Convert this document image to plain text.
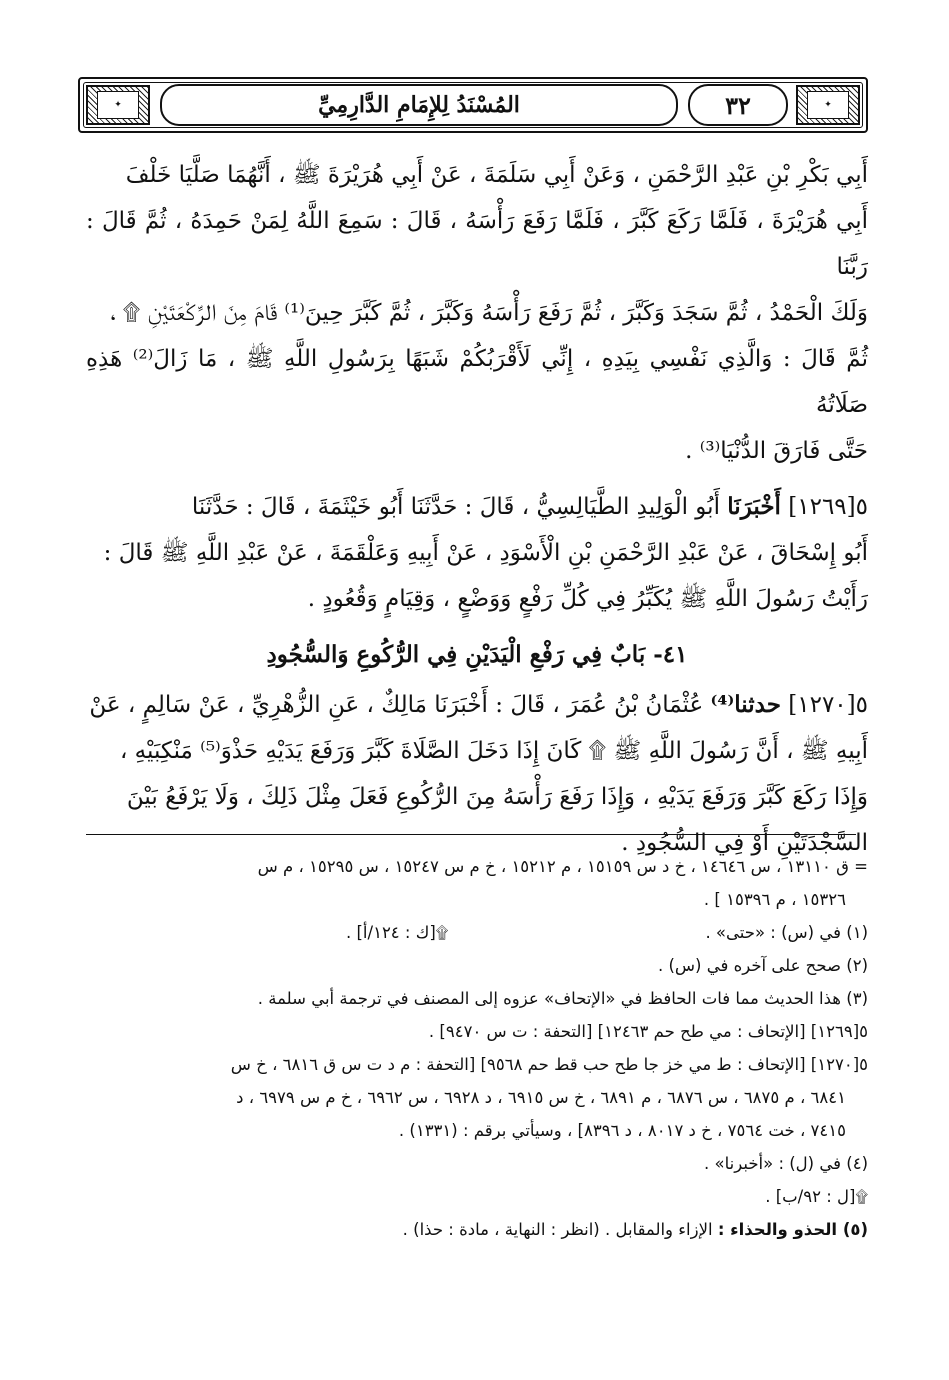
✦	المُسْنَدُ لِلإِمَامِ الدَّارِمِيِّ	٣٢	✦

أَبِي بَكْرِ بْنِ عَبْدِ الرَّحْمَنِ ، وَعَنْ أَبِي سَلَمَةَ ، عَنْ أَبِي هُرَيْرَةَ ﷺ ، أَنَّهُمَا صَلَّيَا خَلْفَ

أَبِي هُرَيْرَةَ ، فَلَمَّا رَكَعَ كَبَّرَ ، فَلَمَّا رَفَعَ رَأْسَهُ ، قَالَ : سَمِعَ اللَّهُ لِمَنْ حَمِدَهُ ، ثُمَّ قَالَ : رَبَّنَا

وَلَكَ الْحَمْدُ ، ثُمَّ سَجَدَ وَكَبَّرَ ، ثُمَّ رَفَعَ رَأْسَهُ وَكَبَّرَ ، ثُمَّ كَبَّرَ حِينَ⁽¹⁾ قَامَ مِنَ الرَّكْعَتَيْنِ ۩ ،

ثُمَّ قَالَ : وَالَّذِي نَفْسِي بِيَدِهِ ، إِنِّي لَأَقْرَبُكُمْ شَبَهًا بِرَسُولِ اللَّهِ ﷺ ، مَا زَالَ⁽²⁾ هَذِهِ صَلَاتُهُ

حَتَّى فَارَقَ الدُّنْيَا⁽³⁾ .

٥[١٢٦٩] أَخْبَرَنَا أَبُو الْوَلِيدِ الطَّيَالِسِيُّ ، قَالَ : حَدَّثَنَا أَبُو خَيْثَمَةَ ، قَالَ : حَدَّثَنَا

أَبُو إِسْحَاقَ ، عَنْ عَبْدِ الرَّحْمَنِ بْنِ الْأَسْوَدِ ، عَنْ أَبِيهِ وَعَلْقَمَةَ ، عَنْ عَبْدِ اللَّهِ ﷺ قَالَ :

رَأَيْتُ رَسُولَ اللَّهِ ﷺ يُكَبِّرُ فِي كُلِّ رَفْعٍ وَوَضْعٍ ، وَقِيَامٍ وَقُعُودٍ .

٤١- بَابٌ فِي رَفْعِ الْيَدَيْنِ فِي الرُّكُوعِ وَالسُّجُودِ

٥[١٢٧٠] حدثنا⁽⁴⁾ عُثْمَانُ بْنُ عُمَرَ ، قَالَ : أَخْبَرَنَا مَالِكٌ ، عَنِ الزُّهْرِيِّ ، عَنْ سَالِمٍ ، عَنْ

أَبِيهِ ﷺ ، أَنَّ رَسُولَ اللَّهِ ﷺ ۩ كَانَ إِذَا دَخَلَ الصَّلَاةَ كَبَّرَ وَرَفَعَ يَدَيْهِ حَذْوَ⁽⁵⁾ مَنْكِبَيْهِ ،

وَإِذَا رَكَعَ كَبَّرَ وَرَفَعَ يَدَيْهِ ، وَإِذَا رَفَعَ رَأْسَهُ مِنَ الرُّكُوعِ فَعَلَ مِثْلَ ذَلِكَ ، وَلَا يَرْفَعُ بَيْنَ

السَّجْدَتَيْنِ أَوْ فِي السُّجُودِ .

= ق ١٣١١٠ ، س ١٤٦٤٦ ، خ د س ١٥١٥٩ ، م ١٥٢١٢ ، خ م س ١٥٢٤٧ ، س ١٥٢٩٥ ، م س

١٥٣٢٦ ، م ١٥٣٩٦ ] .

(١) في (س) : «حتى» .
۩[ك : ١٢٤/أ] .

(٢) صحح على آخره في (س) .

(٣) هذا الحديث مما فات الحافظ في «الإتحاف» عزوه إلى المصنف في ترجمة أبي سلمة .

٥[١٢٦٩] [الإتحاف : مي طح حم ١٢٤٦٣] [التحفة : ت س ٩٤٧٠] .

٥[١٢٧٠] [الإتحاف : ط مي خز جا طح حب قط حم ٩٥٦٨] [التحفة : م د ت س ق ٦٨١٦ ، خ س

٦٨٤١ ، م ٦٨٧٥ ، س ٦٨٧٦ ، م ٦٨٩١ ، خ س ٦٩١٥ ، د ٦٩٢٨ ، س ٦٩٦٢ ، خ م س ٦٩٧٩ ، د

٧٤١٥ ، خت ٧٥٦٤ ، خ د ٨٠١٧ ، د ٨٣٩٦] ، وسيأتي برقم : (١٣٣١) .

(٤) في (ل) : «أخبرنا» .

۩[ل : ٩٢/ب] .

(٥) الحذو والحذاء : الإزاء والمقابل . (انظر : النهاية ، مادة : حذا) .
